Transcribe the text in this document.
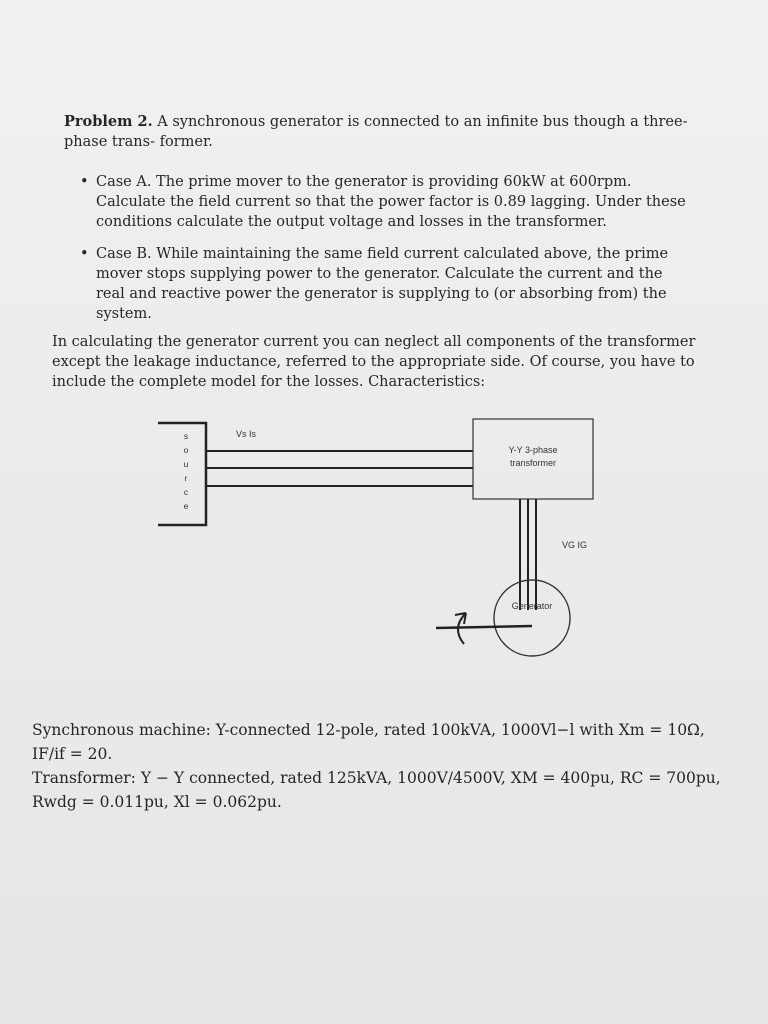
Problem 2. A synchronous generator is connected to an infinite bus though a three-phase trans- former.

• Case A. The prime mover to the generator is providing 60kW at 600rpm. Calculate the field current so that the power factor is 0.89 lagging. Under these conditions calculate the output voltage and losses in the transformer.
• Case B. While maintaining the same field current calculated above, the prime mover stops supplying power to the generator. Calculate the current and the real and reactive power the generator is supplying to (or absorbing from) the system.

In calculating the generator current you can neglect all components of the transformer except the leakage inductance, referred to the appropriate side. Of course, you have to include the complete model for the losses. Characteristics:

s
o
u
r
c
e
Vs Is
Y-Y 3-phase
transformer
VG IG
Generator

Synchronous machine: Y-connected 12-pole, rated 100kVA, 1000Vl−l with Xm = 10Ω, IF/if = 20.

Transformer: Y − Y connected, rated 125kVA, 1000V/4500V, XM = 400pu, RC = 700pu,

Rwdg = 0.011pu, Xl = 0.062pu.
